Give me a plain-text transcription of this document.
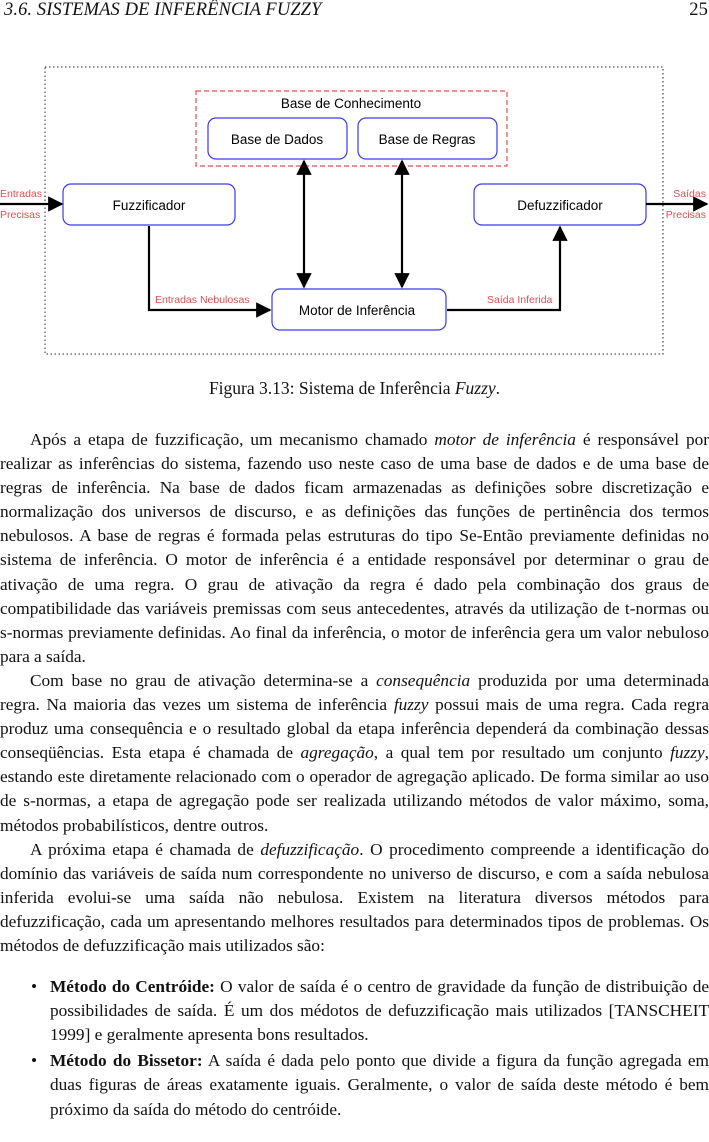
3.6. SISTEMAS DE INFERÊNCIA FUZZY	25
Base de Conhecimento
Base de Dados	Base de Regras
Fuzzificador	Defuzzificador
Motor de Inferência
Entradas
Precisas
Saídas
Precisas
Entradas Nebulosas	Saída Inferida
Figura 3.13: Sistema de Inferência Fuzzy.

Após a etapa de fuzzificação, um mecanismo chamado motor de inferência é responsável por realizar as inferências do sistema, fazendo uso neste caso de uma base de dados e de uma base de regras de inferência. Na base de dados ficam armazenadas as definições sobre discretização e normalização dos universos de discurso, e as definições das funções de pertinência dos termos nebulosos. A base de regras é formada pelas estruturas do tipo Se-Então previamente definidas no sistema de inferência. O motor de inferência é a entidade responsável por determinar o grau de ativação de uma regra. O grau de ativação da regra é dado pela combinação dos graus de compatibilidade das variáveis premissas com seus antecedentes, através da utilização de t-normas ou s-normas previamente definidas. Ao final da inferência, o motor de inferência gera um valor nebuloso para a saída.

Com base no grau de ativação determina-se a consequência produzida por uma determinada regra. Na maioria das vezes um sistema de inferência fuzzy possui mais de uma regra. Cada regra produz uma consequência e o resultado global da etapa inferência dependerá da combinação dessas conseqüências. Esta etapa é chamada de agregação, a qual tem por resultado um conjunto fuzzy, estando este diretamente relacionado com o operador de agregação aplicado. De forma similar ao uso de s-normas, a etapa de agregação pode ser realizada utilizando métodos de valor máximo, soma, métodos probabilísticos, dentre outros.

A próxima etapa é chamada de defuzzificação. O procedimento compreende a identificação do domínio das variáveis de saída num correspondente no universo de discurso, e com a saída nebulosa inferida evolui-se uma saída não nebulosa. Existem na literatura diversos métodos para defuzzificação, cada um apresentando melhores resultados para determinados tipos de problemas. Os métodos de defuzzificação mais utilizados são:

• Método do Centróide: O valor de saída é o centro de gravidade da função de distribuição de possibilidades de saída. É um dos médotos de defuzzificação mais utilizados [TANSCHEIT 1999] e geralmente apresenta bons resultados.
• Método do Bissetor: A saída é dada pelo ponto que divide a figura da função agregada em duas figuras de áreas exatamente iguais. Geralmente, o valor de saída deste método é bem próximo da saída do método do centróide.
